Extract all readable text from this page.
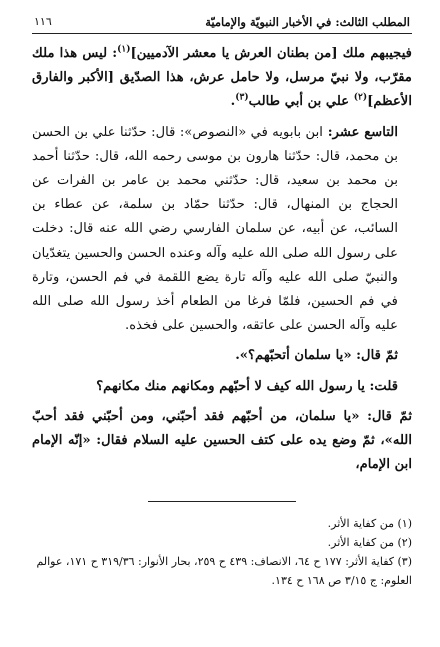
المطلب الثالث: في الأخبار النبويّة والإماميّة
١١٦

فيجيبهم ملك [من بطنان العرش يا معشر الآدميين]$^{(١)}$: ليس هذا ملك مقرّب، ولا نبيّ مرسل، ولا حامل عرش، هذا الصدّيق [الأكبر والفارق الأعظم]$^{(٢)}$ علي بن أبي طالب$^{(٣)}$.

التاسع عشر: ابن بابويه في «النصوص»: قال: حدّثنا علي بن الحسن بن محمد، قال: حدّثنا هارون بن موسى رحمه الله، قال: حدّثنا أحمد بن محمد بن سعيد، قال: حدّثني محمد بن عامر بن الفرات عن الحجاج بن المنهال، قال: حدّثنا حمّاد بن سلمة، عن عطاء بن السائب، عن أبيه، عن سلمان الفارسي رضي الله عنه قال: دخلت على رسول الله صلى الله عليه وآله وعنده الحسن والحسين يتغدّيان والنبيّ صلى الله عليه وآله تارة يضع اللقمة في فم الحسن، وتارة في فم الحسين، فلمّا فرغا من الطعام أخذ رسول الله صلى الله عليه وآله الحسن على عاتقه، والحسين على فخذه.

ثمّ قال: «يا سلمان أتحبّهم؟».

قلت: يا رسول الله كيف لا أحبّهم ومكانهم منك مكانهم؟

ثمّ قال: «يا سلمان، من أحبّهم فقد أحبّني، ومن أحبّني فقد أحبّ الله»، ثمّ وضع يده على كتف الحسين عليه السلام فقال: «إنّه الإمام ابن الإمام،

(١) من كفاية الأثر.
(٢) من كفاية الأثر.
(٣) كفاية الأثر: ١٧٧ ح ٦٤، الانصاف: ٤٣٩ ح ٢٥٩، بحار الأنوار: ٣١٩/٣٦ ح ١٧١، عوالم العلوم: ج ٣/١٥ ص ١٦٨ ح ١٣٤.
